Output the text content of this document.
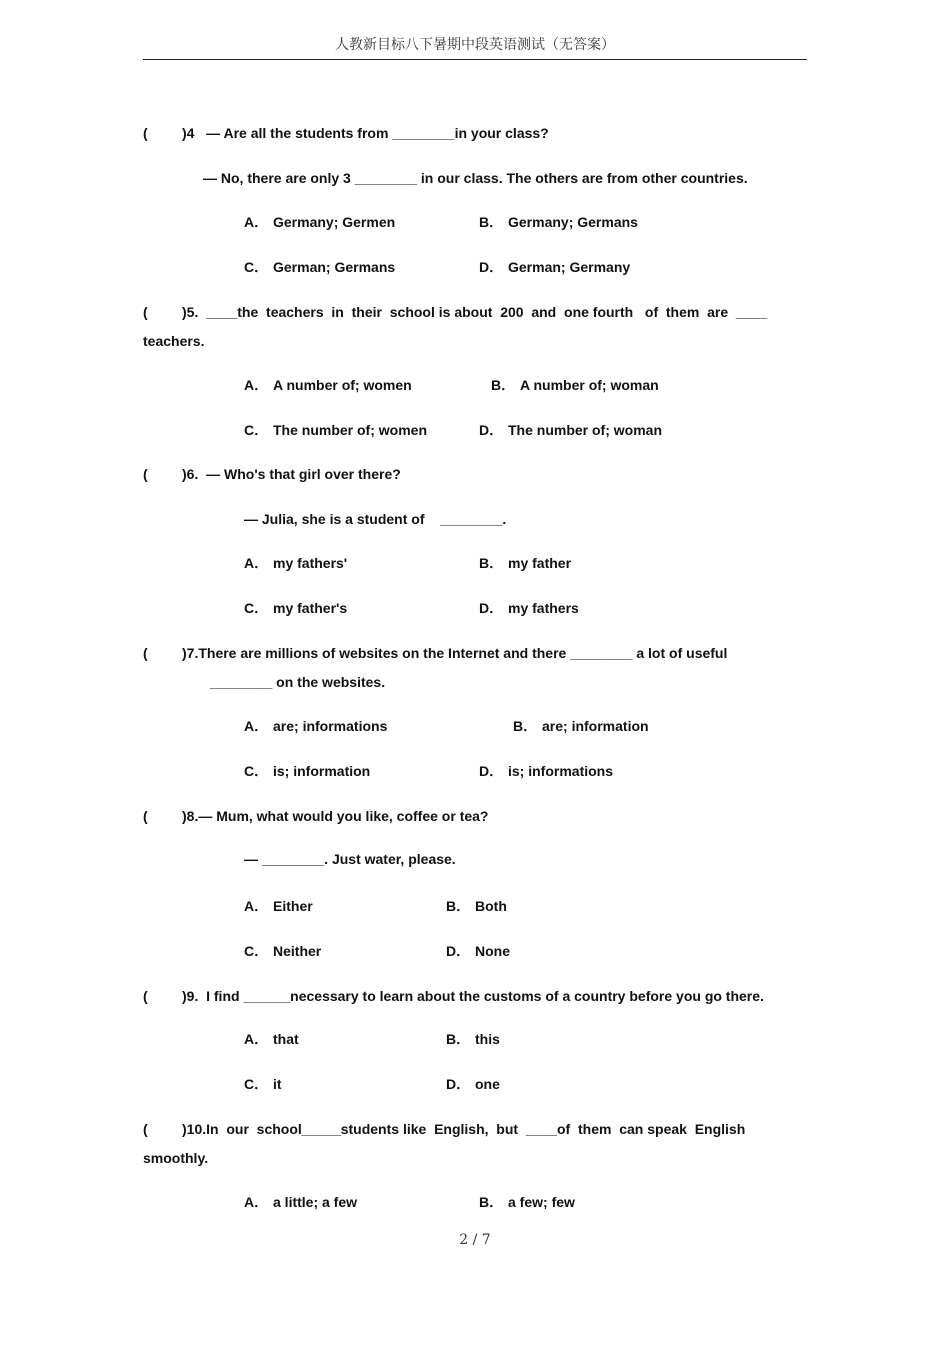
人教新目标八下暑期中段英语测试（无答案）
( )4   — Are all the students from ________in your class?
— No, there are only 3 ________ in our class. The others are from other countries.
A． Germany; Germen	B． Germany; Germans
C． German; Germans	D． German; Germany
( )5.  ____the  teachers  in  their  school is about  200  and  one fourth   of  them  are  ____
teachers.
A． A number of; women	B． A number of; woman
C． The number of; women	D． The number of; woman
( )6.  — Who's that girl over there?
— Julia, she is a student of    ________.
A． my fathers'	B． my father
C． my father's	D． my fathers
( )7.There are millions of websites on the Internet and there ________ a lot of useful
________ on the websites.
A． are; informations	B． are; information
C． is; information	D． is; informations
( )8.— Mum, what would you like, coffee or tea?
— ________. Just water, please.
A． Either	B． Both
C． Neither	D． None
( )9.  I find ______necessary to learn about the customs of a country before you go there.
A． that	B． this
C． it	D． one
( )10.In  our  school_____students like  English,  but  ____of  them  can speak  English
smoothly.
A． a little; a few	B． a few; few
2 / 7
